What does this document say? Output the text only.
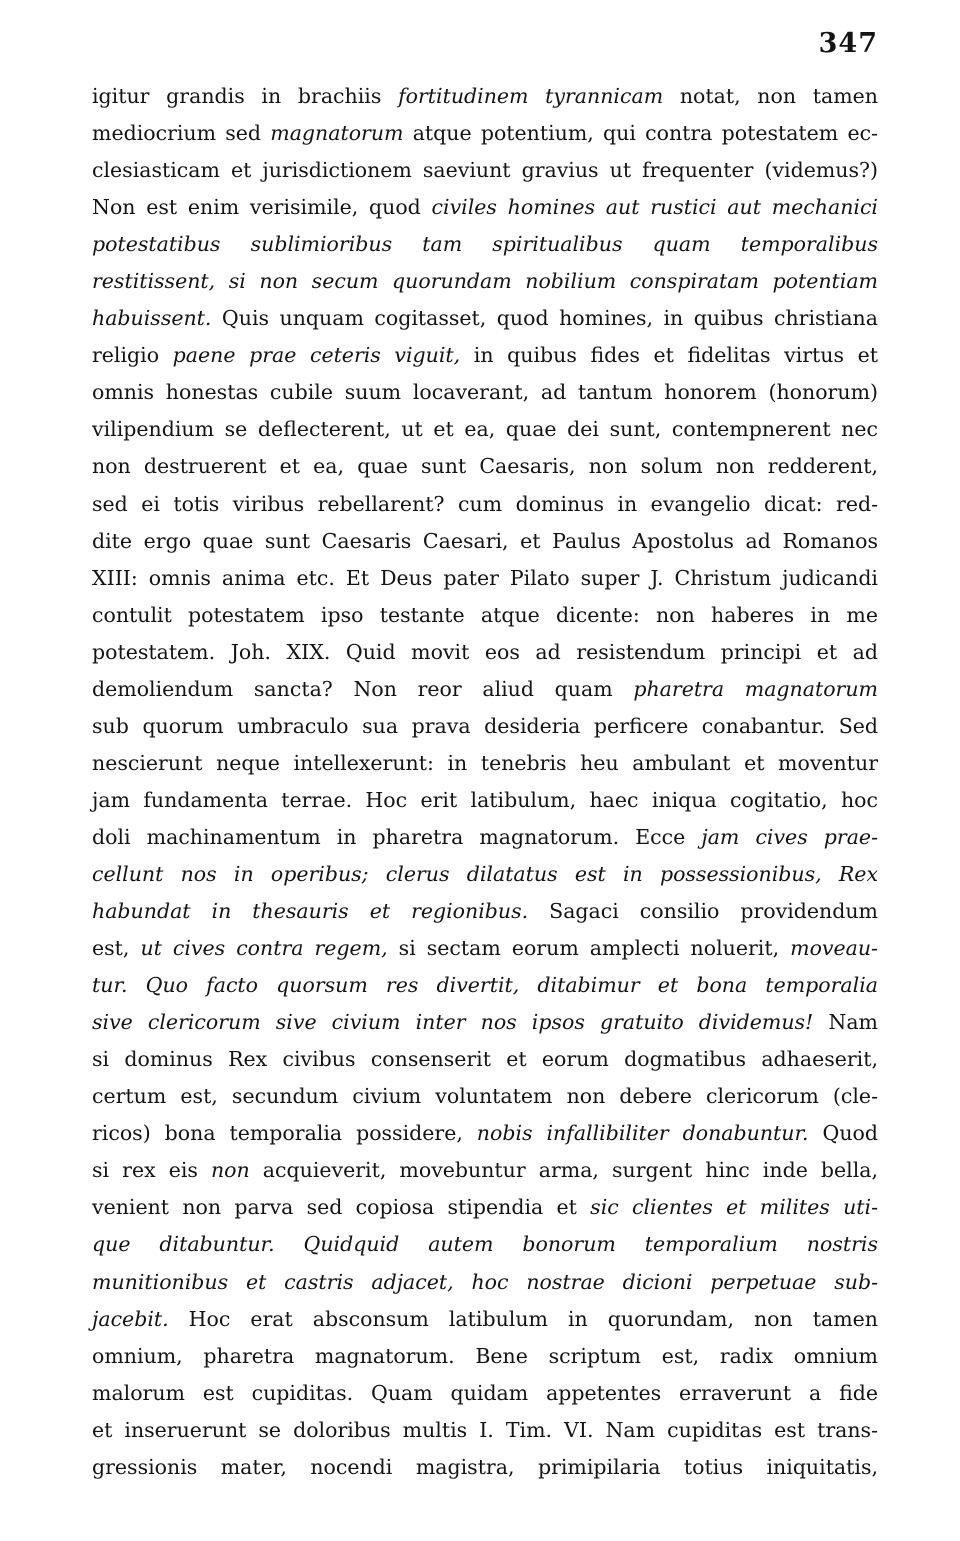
347
igitur grandis in brachiis fortitudinem tyrannicam notat, non tamen
mediocrium sed magnatorum atque potentium, qui contra potestatem ec-
clesiasticam et jurisdictionem saeviunt gravius ut frequenter (videmus?)
Non est enim verisimile, quod civiles homines aut rustici aut mechanici
potestatibus sublimioribus tam spiritualibus quam temporalibus
restitissent, si non secum quorundam nobilium conspiratam potentiam
habuissent. Quis unquam cogitasset, quod homines, in quibus christiana
religio paene prae ceteris viguit, in quibus fides et fidelitas virtus et
omnis honestas cubile suum locaverant, ad tantum honorem (honorum)
vilipendium se deflecterent, ut et ea, quae dei sunt, contempnerent nec
non destruerent et ea, quae sunt Caesaris, non solum non redderent,
sed ei totis viribus rebellarent? cum dominus in evangelio dicat: red-
dite ergo quae sunt Caesaris Caesari, et Paulus Apostolus ad Romanos
XIII: omnis anima etc. Et Deus pater Pilato super J. Christum judicandi
contulit potestatem ipso testante atque dicente: non haberes in me
potestatem. Joh. XIX. Quid movit eos ad resistendum principi et ad
demoliendum sancta? Non reor aliud quam pharetra magnatorum
sub quorum umbraculo sua prava desideria perficere conabantur. Sed
nescierunt neque intellexerunt: in tenebris heu ambulant et moventur
jam fundamenta terrae. Hoc erit latibulum, haec iniqua cogitatio, hoc
doli machinamentum in pharetra magnatorum. Ecce jam cives prae-
cellunt nos in operibus; clerus dilatatus est in possessionibus, Rex
habundat in thesauris et regionibus. Sagaci consilio providendum
est, ut cives contra regem, si sectam eorum amplecti noluerit, moveau-
tur. Quo facto quorsum res divertit, ditabimur et bona temporalia
sive clericorum sive civium inter nos ipsos gratuito dividemus! Nam
si dominus Rex civibus consenserit et eorum dogmatibus adhaeserit,
certum est, secundum civium voluntatem non debere clericorum (cle-
ricos) bona temporalia possidere, nobis infallibiliter donabuntur. Quod
si rex eis non acquieverit, movebuntur arma, surgent hinc inde bella,
venient non parva sed copiosa stipendia et sic clientes et milites uti-
que ditabuntur. Quidquid autem bonorum temporalium nostris
munitionibus et castris adjacet, hoc nostrae dicioni perpetuae sub-
jacebit. Hoc erat absconsum latibulum in quorundam, non tamen
omnium, pharetra magnatorum. Bene scriptum est, radix omnium
malorum est cupiditas. Quam quidam appetentes erraverunt a fide
et inseruerunt se doloribus multis I. Tim. VI. Nam cupiditas est trans-
gressionis mater, nocendi magistra, primipilaria totius iniquitatis,
